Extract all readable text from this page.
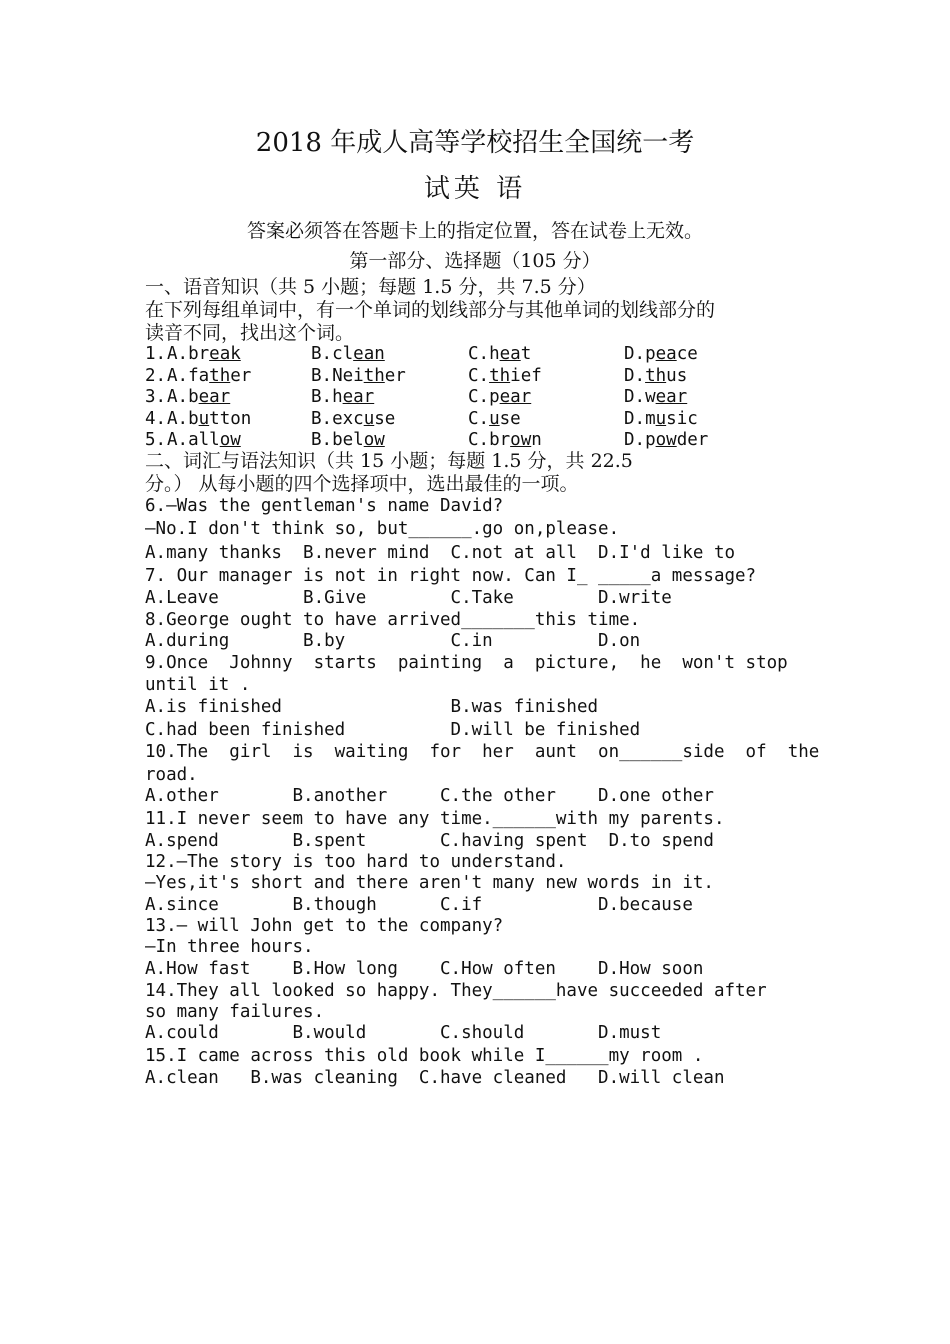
2018 年成人高等学校招生全国统一考
试英 语
答案必须答在答题卡上的指定位置，答在试卷上无效。
第一部分、选择题（105 分）
一、语音知识（共 5 小题；每题 1.5 分，共 7.5 分）
在下列每组单词中，有一个单词的划线部分与其他单词的划线部分的
读音不同，找出这个词。
1. A.break	B.clean	C.heat	D.peace
2. A.father	B.Neither	C.thief	D.thus
3. A.bear	B.hear	C.pear	D.wear
4. A.button	B.excuse	C.use	D.music
5. A.allow	B.below	C.brown	D.powder
二、词汇与语法知识（共 15 小题；每题 1.5 分，共 22.5
分。） 从每小题的四个选择项中，选出最佳的一项。
6.—Was the gentleman's name David?
—No.I don't think so, but______.go on,please.
A.many thanks  B.never mind  C.not at all  D.I'd like to
7. Our manager is not in right now. Can I_ _____a message?
A.Leave        B.Give        C.Take        D.write
8.George ought to have arrived_______this time.
A.during       B.by          C.in          D.on
9.Once  Johnny  starts  painting  a  picture,  he  won't stop
until it .
A.is finished                B.was finished
C.had been finished          D.will be finished
10.The  girl  is  waiting  for  her  aunt  on______side  of  the
road.
A.other       B.another     C.the other    D.one other
11.I never seem to have any time.______with my parents.
A.spend       B.spent       C.having spent  D.to spend
12.—The story is too hard to understand.
—Yes,it's short and there aren't many new words in it.
A.since       B.though      C.if           D.because
13.— will John get to the company?
—In three hours.
A.How fast    B.How long    C.How often    D.How soon
14.They all looked so happy. They______have succeeded after
so many failures.
A.could       B.would       C.should       D.must
15.I came across this old book while I______my room .
A.clean   B.was cleaning  C.have cleaned   D.will clean
